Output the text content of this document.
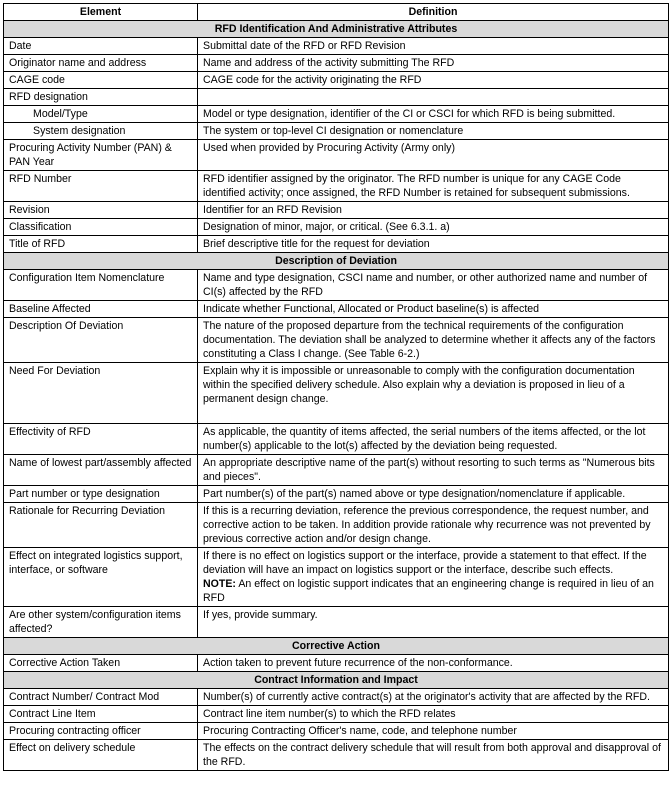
Element	Definition
RFD Identification And Administrative Attributes	
Date	Submittal date of the RFD or RFD Revision
Originator name and address	Name and address of the activity submitting The RFD
CAGE code	CAGE code for the activity originating the RFD
RFD designation	
Model/Type	Model or type designation, identifier of the CI or CSCI for which RFD is being submitted.
System designation	The system or top-level CI designation or nomenclature
Procuring Activity Number (PAN) & PAN Year	Used when provided by Procuring Activity (Army only)
RFD Number	RFD identifier assigned by the originator. The RFD number is unique for any CAGE Code identified activity; once assigned, the RFD Number is retained for subsequent submissions.
Revision	Identifier for an RFD Revision
Classification	Designation of minor, major, or critical. (See 6.3.1. a)
Title of RFD	Brief descriptive title for the request for deviation
Description of Deviation	
Configuration Item Nomenclature	Name and type designation, CSCI name and number, or other authorized name and number of CI(s) affected by the RFD
Baseline Affected	Indicate whether Functional, Allocated or Product baseline(s) is affected
Description Of Deviation	The nature of the proposed departure from the technical requirements of the configuration documentation. The deviation shall be analyzed to determine whether it affects any of the factors constituting a Class I change. (See Table 6-2.)
Need For Deviation	Explain why it is impossible or unreasonable to comply with the configuration documentation within the specified delivery schedule. Also explain why a deviation is proposed in lieu of a permanent design change.
Effectivity of RFD	As applicable, the quantity of items affected, the serial numbers of the items affected, or the lot number(s) applicable to the lot(s) affected by the deviation being requested.
Name of lowest part/assembly affected	An appropriate descriptive name of the part(s) without resorting to such terms as "Numerous bits and pieces".
Part number or type designation	Part number(s) of the part(s) named above or type designation/nomenclature if applicable.
Rationale for Recurring Deviation	If this is a recurring deviation, reference the previous correspondence, the request number, and corrective action to be taken. In addition provide rationale why recurrence was not prevented by previous corrective action and/or design change.
Effect on integrated logistics support, interface, or software	If there is no effect on logistics support or the interface, provide a statement to that effect. If the deviation will have an impact on logistics support or the interface, describe such effects.
NOTE: An effect on logistic support indicates that an engineering change is required in lieu of an RFD
Are other system/configuration items affected?	If yes, provide summary.
Corrective Action	
Corrective Action Taken	Action taken to prevent future recurrence of the non-conformance.
Contract Information and Impact	
Contract Number/ Contract Mod	Number(s) of currently active contract(s) at the originator's activity that are affected by the RFD.
Contract Line Item	Contract line item number(s) to which the RFD relates
Procuring contracting officer	Procuring Contracting Officer's name, code, and telephone number
Effect on delivery schedule	The effects on the contract delivery schedule that will result from both approval and disapproval of the RFD.
